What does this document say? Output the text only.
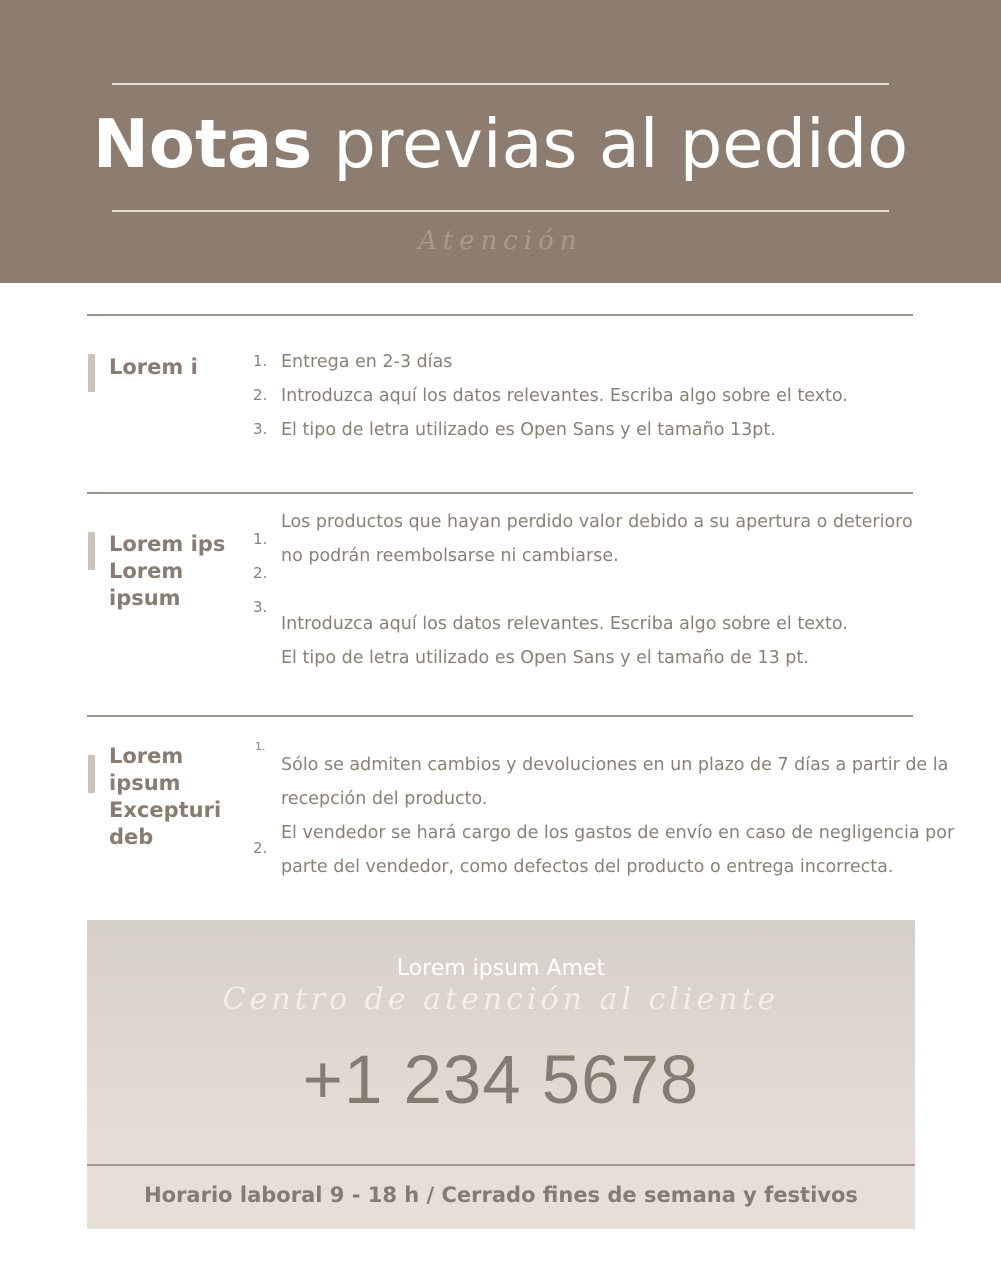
Notas previas al pedido
Atención
Lorem i	1.
2.
3.
Entrega en 2-3 días
Introduzca aquí los datos relevantes. Escriba algo sobre el texto.
El tipo de letra utilizado es Open Sans y el tamaño 13pt.
Lorem ips
Lorem
ipsum
1.
2.
3.
Los productos que hayan perdido valor debido a su apertura o deterioro
no podrán reembolsarse ni cambiarse.
Introduzca aquí los datos relevantes. Escriba algo sobre el texto.
El tipo de letra utilizado es Open Sans y el tamaño de 13 pt.
Lorem
ipsum
Excepturi
deb
1.
2.
Sólo se admiten cambios y devoluciones en un plazo de 7 días a partir de la
recepción del producto.
El vendedor se hará cargo de los gastos de envío en caso de negligencia por
parte del vendedor, como defectos del producto o entrega incorrecta.
Lorem ipsum Amet
Centro de atención al cliente
+1 234 5678
Horario laboral 9 - 18 h / Cerrado fines de semana y festivos
